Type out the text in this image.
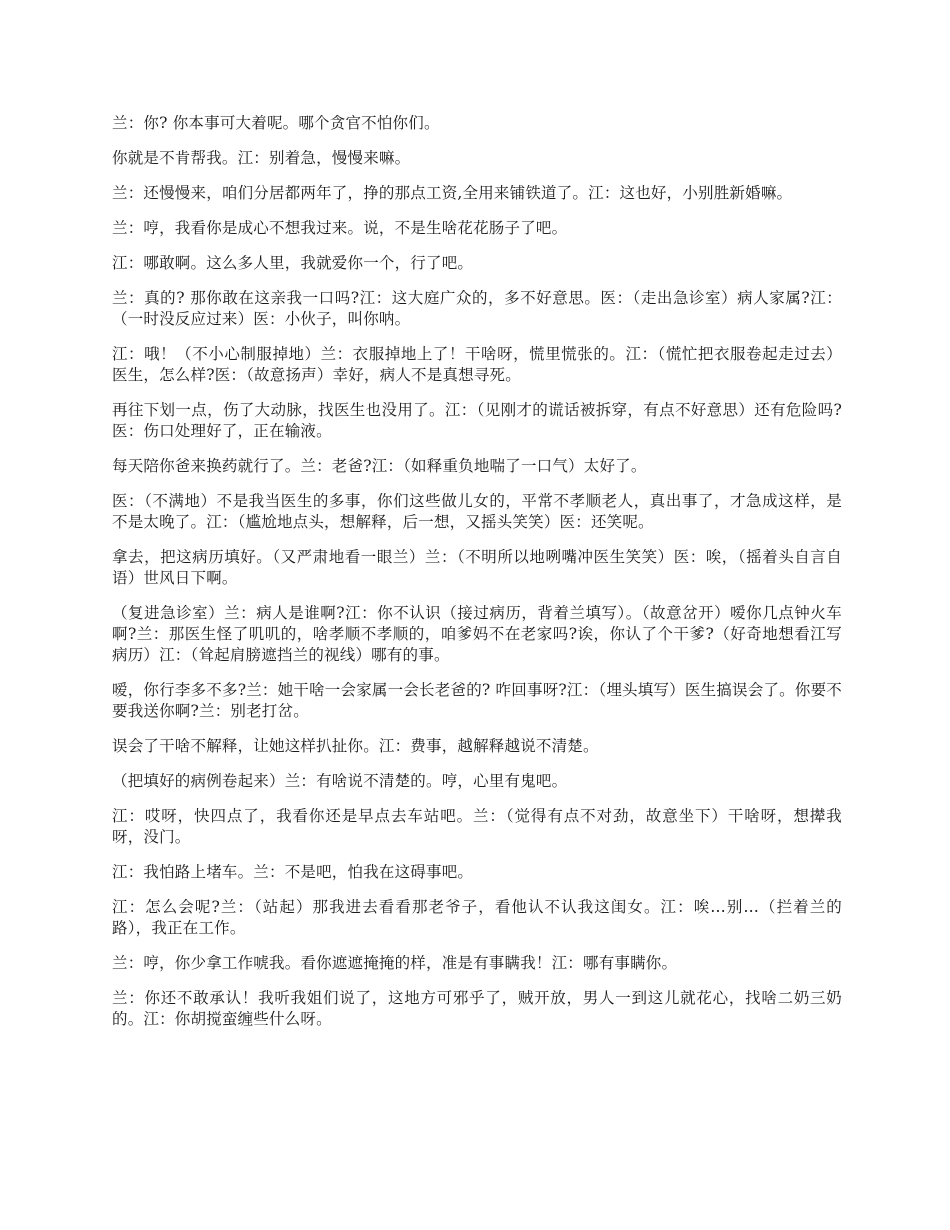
兰：你? 你本事可大着呢。哪个贪官不怕你们。

你就是不肯帮我。江：别着急，慢慢来嘛。

兰：还慢慢来，咱们分居都两年了，挣的那点工资,全用来铺铁道了。江：这也好，小别胜新婚嘛。

兰：哼，我看你是成心不想我过来。说，不是生啥花花肠子了吧。

江：哪敢啊。这么多人里，我就爱你一个，行了吧。

兰：真的? 那你敢在这亲我一口吗?江：这大庭广众的，多不好意思。医：（走出急诊室）病人家属?江：（一时没反应过来）医：小伙子，叫你呐。

江：哦！（不小心制服掉地）兰：衣服掉地上了！干啥呀，慌里慌张的。江：（慌忙把衣服卷起走过去）医生，怎么样?医：（故意扬声）幸好，病人不是真想寻死。

再往下划一点，伤了大动脉，找医生也没用了。江：（见刚才的谎话被拆穿，有点不好意思）还有危险吗?医：伤口处理好了，正在输液。

每天陪你爸来换药就行了。兰：老爸?江：（如释重负地喘了一口气）太好了。

医：（不满地）不是我当医生的多事，你们这些做儿女的，平常不孝顺老人，真出事了，才急成这样，是不是太晚了。江：（尴尬地点头，想解释，后一想，又摇头笑笑）医：还笑呢。

拿去，把这病历填好。（又严肃地看一眼兰）兰：（不明所以地咧嘴冲医生笑笑）医：唉，（摇着头自言自语）世风日下啊。

（复进急诊室）兰：病人是谁啊?江：你不认识（接过病历，背着兰填写）。（故意岔开）嗳你几点钟火车啊?兰：那医生怪了叽叽的，啥孝顺不孝顺的，咱爹妈不在老家吗?诶，你认了个干爹?（好奇地想看江写病历）江：（耸起肩膀遮挡兰的视线）哪有的事。

嗳，你行李多不多?兰：她干啥一会家属一会长老爸的? 咋回事呀?江：（埋头填写）医生搞误会了。你要不要我送你啊?兰：别老打岔。

误会了干啥不解释，让她这样扒扯你。江：费事，越解释越说不清楚。

（把填好的病例卷起来）兰：有啥说不清楚的。哼，心里有鬼吧。

江：哎呀，快四点了，我看你还是早点去车站吧。兰：（觉得有点不对劲，故意坐下）干啥呀，想撵我呀，没门。

江：我怕路上堵车。兰：不是吧，怕我在这碍事吧。

江：怎么会呢?兰：（站起）那我进去看看那老爷子，看他认不认我这闺女。江：唉…别…（拦着兰的路），我正在工作。

兰：哼，你少拿工作唬我。看你遮遮掩掩的样，准是有事瞒我！江：哪有事瞒你。

兰：你还不敢承认！我听我姐们说了，这地方可邪乎了，贼开放，男人一到这儿就花心，找啥二奶三奶的。江：你胡搅蛮缠些什么呀。
